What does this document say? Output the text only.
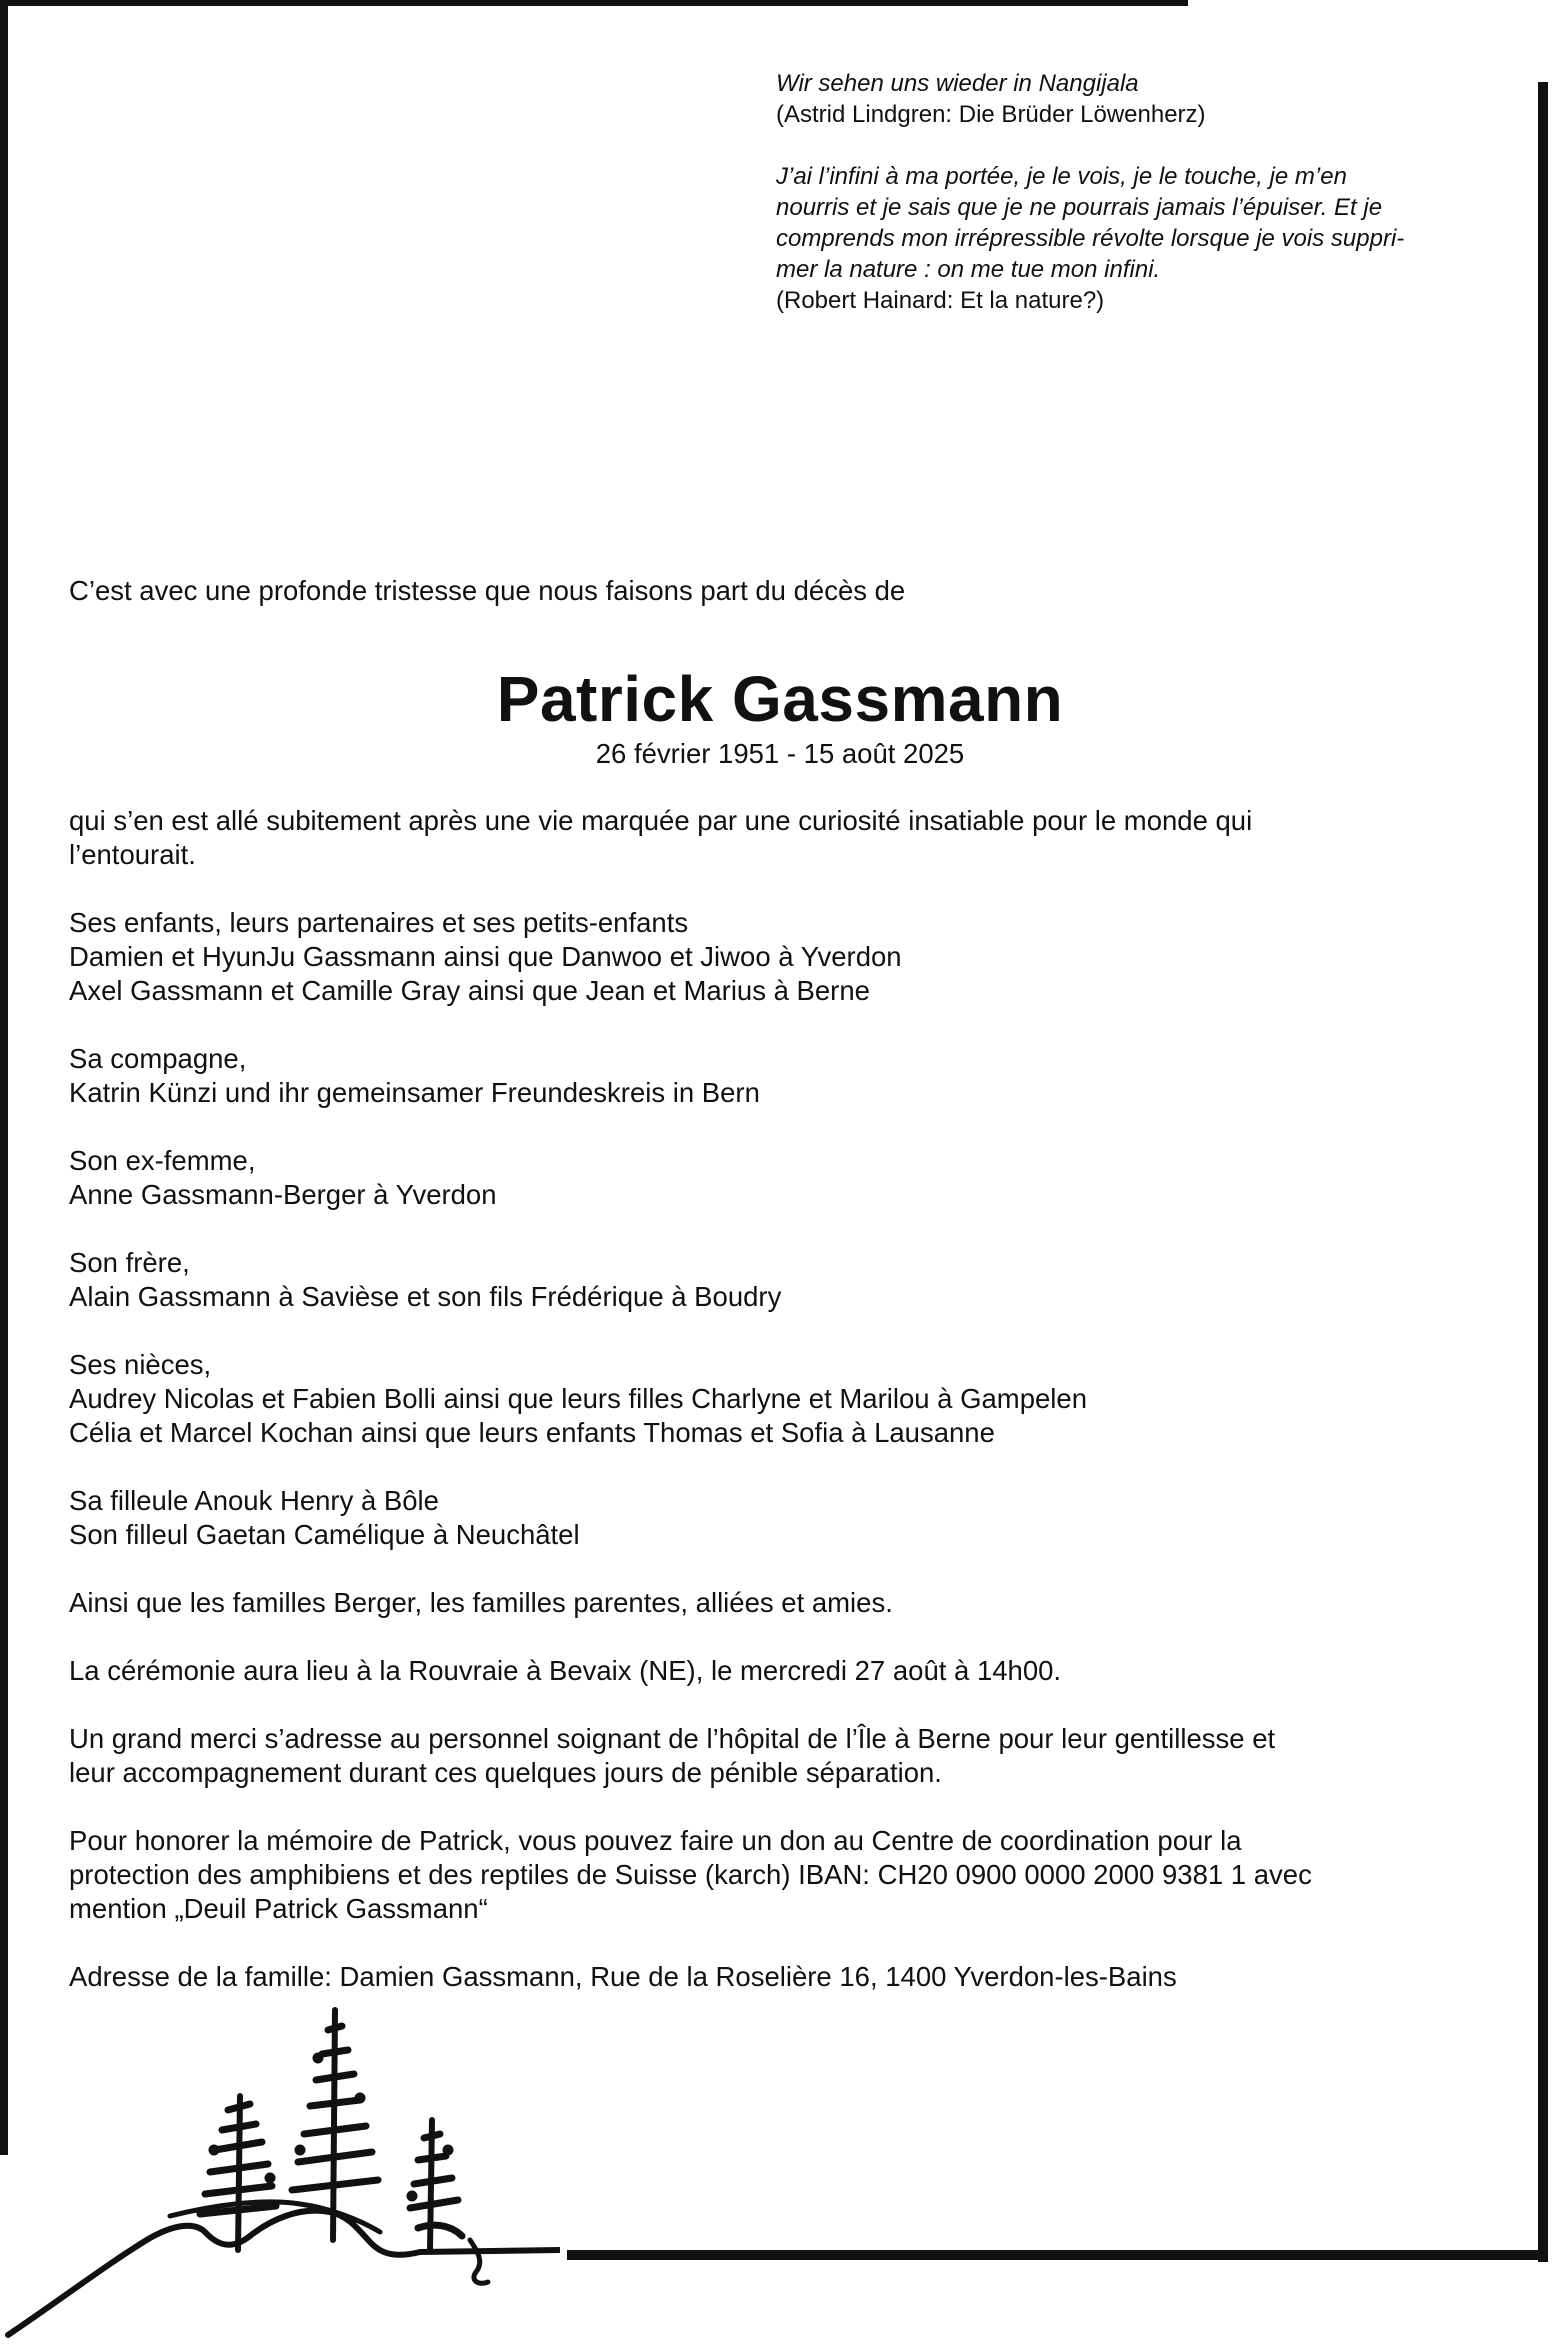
Wir sehen uns wieder in Nangijala

(Astrid Lindgren: Die Brüder Löwenherz)

J’ai l’infini à ma portée, je le vois, je le touche, je m’en

nourris et je sais que je ne pourrais jamais l’épuiser. Et je

comprends mon irrépressible révolte lorsque je vois suppri-

mer la nature : on me tue mon infini.

(Robert Hainard: Et la nature?)

C’est avec une profonde tristesse que nous faisons part du décès de

Patrick Gassmann

26 février 1951 - 15 août 2025

qui s’en est allé subitement après une vie marquée par une curiosité insatiable pour le monde qui

l’entourait.

Ses enfants, leurs partenaires et ses petits-enfants

Damien et HyunJu Gassmann ainsi que Danwoo et Jiwoo à Yverdon

Axel Gassmann et Camille Gray ainsi que Jean et Marius à Berne

Sa compagne,

Katrin Künzi und ihr gemeinsamer Freundeskreis in Bern

Son ex-femme,

Anne Gassmann-Berger à Yverdon

Son frère,

Alain Gassmann à Savièse et son fils Frédérique à Boudry

Ses nièces,

Audrey Nicolas et Fabien Bolli ainsi que leurs filles Charlyne et Marilou à Gampelen

Célia et Marcel Kochan ainsi que leurs enfants Thomas et Sofia à Lausanne

Sa filleule Anouk Henry à Bôle

Son filleul Gaetan Camélique à Neuchâtel

Ainsi que les familles Berger, les familles parentes, alliées et amies.

La cérémonie aura lieu à la Rouvraie à Bevaix (NE), le mercredi 27 août à 14h00.

Un grand merci s’adresse au personnel soignant de l’hôpital de l’Île à Berne pour leur gentillesse et

leur accompagnement durant ces quelques jours de pénible séparation.

Pour honorer la mémoire de Patrick, vous pouvez faire un don au Centre de coordination pour la

protection des amphibiens et des reptiles de Suisse (karch) IBAN: CH20 0900 0000 2000 9381 1 avec

mention „Deuil Patrick Gassmann“

Adresse de la famille: Damien Gassmann, Rue de la Roselière 16, 1400 Yverdon-les-Bains
